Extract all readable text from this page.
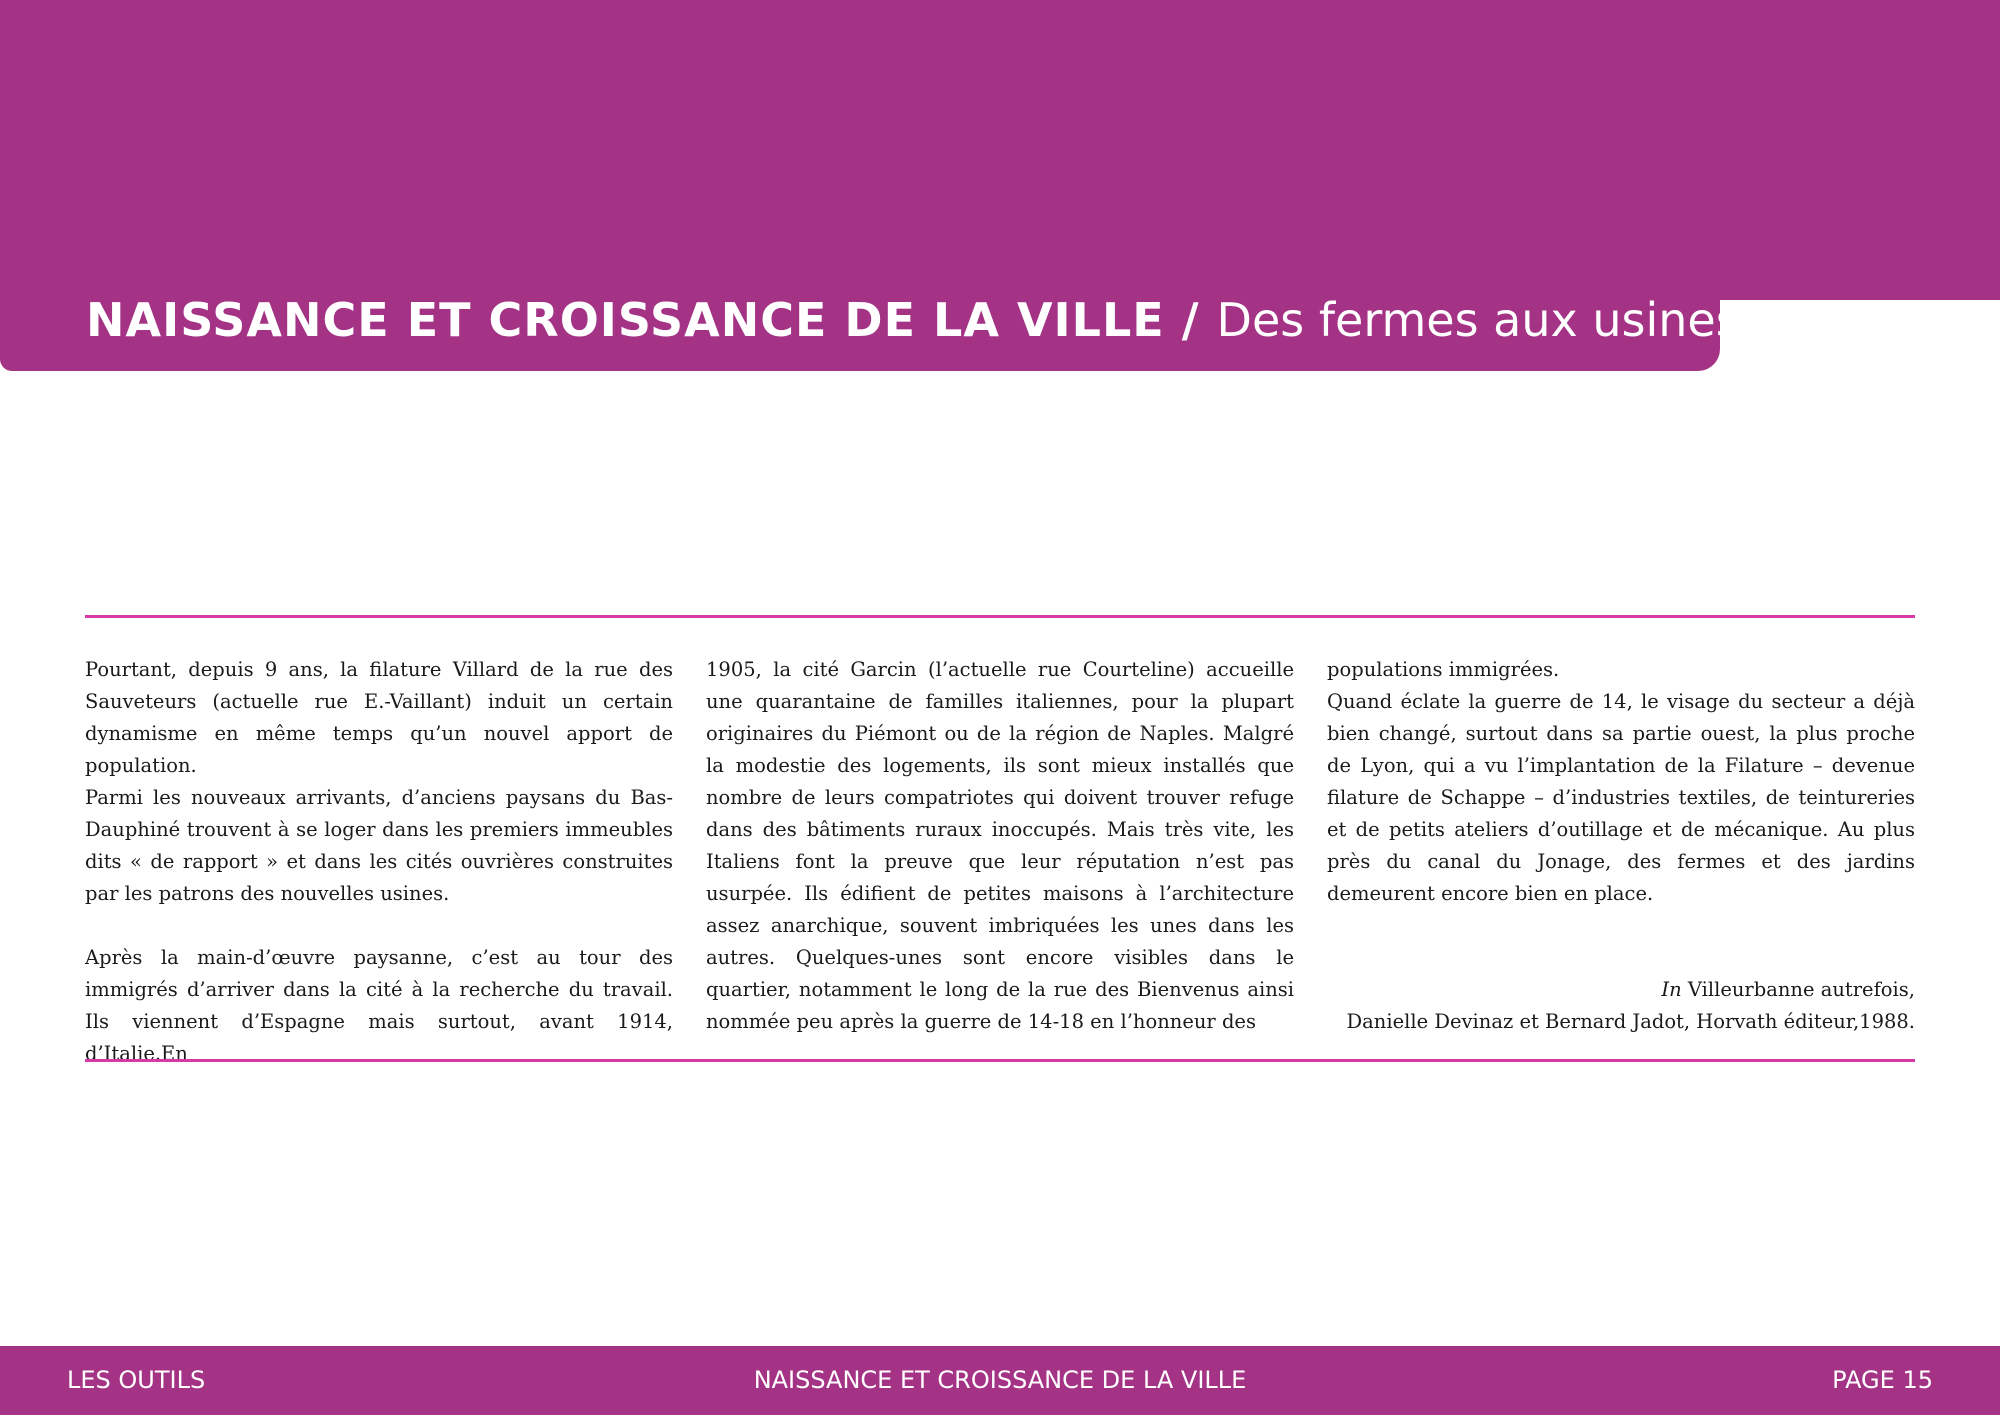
NAISSANCE ET CROISSANCE DE LA VILLE / Des fermes aux usines

Pourtant, depuis 9 ans, la filature Villard de la rue des Sauveteurs (actuelle rue E.-Vaillant) induit un certain dynamisme en même temps qu’un nouvel apport de population.

Parmi les nouveaux arrivants, d’anciens paysans du Bas-Dauphiné trouvent à se loger dans les premiers immeubles dits « de rapport » et dans les cités ouvrières construites par les patrons des nouvelles usines.

Après la main-d’œuvre paysanne, c’est au tour des immigrés d’arriver dans la cité à la recherche du travail. Ils viennent d’Espagne mais surtout, avant 1914, d’Italie.En

1905, la cité Garcin (l’actuelle rue Courteline) accueille une quarantaine de familles italiennes, pour la plupart originaires du Piémont ou de la région de Naples. Malgré la modestie des logements, ils sont mieux installés que nombre de leurs compatriotes qui doivent trouver refuge dans des bâtiments ruraux inoccupés. Mais très vite, les Italiens font la preuve que leur réputation n’est pas usurpée. Ils édifient de petites maisons à l’architecture assez anarchique, souvent imbriquées les unes dans les autres. Quelques-unes sont encore visibles dans le quartier, notamment le long de la rue des Bienvenus ainsi nommée peu après la guerre de 14-18 en l’honneur des

populations immigrées.

Quand éclate la guerre de 14, le visage du secteur a déjà bien changé, surtout dans sa partie ouest, la plus proche de Lyon, qui a vu l’implantation de la Filature – devenue filature de Schappe – d’industries textiles, de teintureries et de petits ateliers d’outillage et de mécanique. Au plus près du canal du Jonage, des fermes et des jardins demeurent encore bien en place.

In Villeurbanne autrefois,
Danielle Devinaz et Bernard Jadot, Horvath éditeur,1988.
LES OUTILS	NAISSANCE ET CROISSANCE DE LA VILLE	PAGE 15
